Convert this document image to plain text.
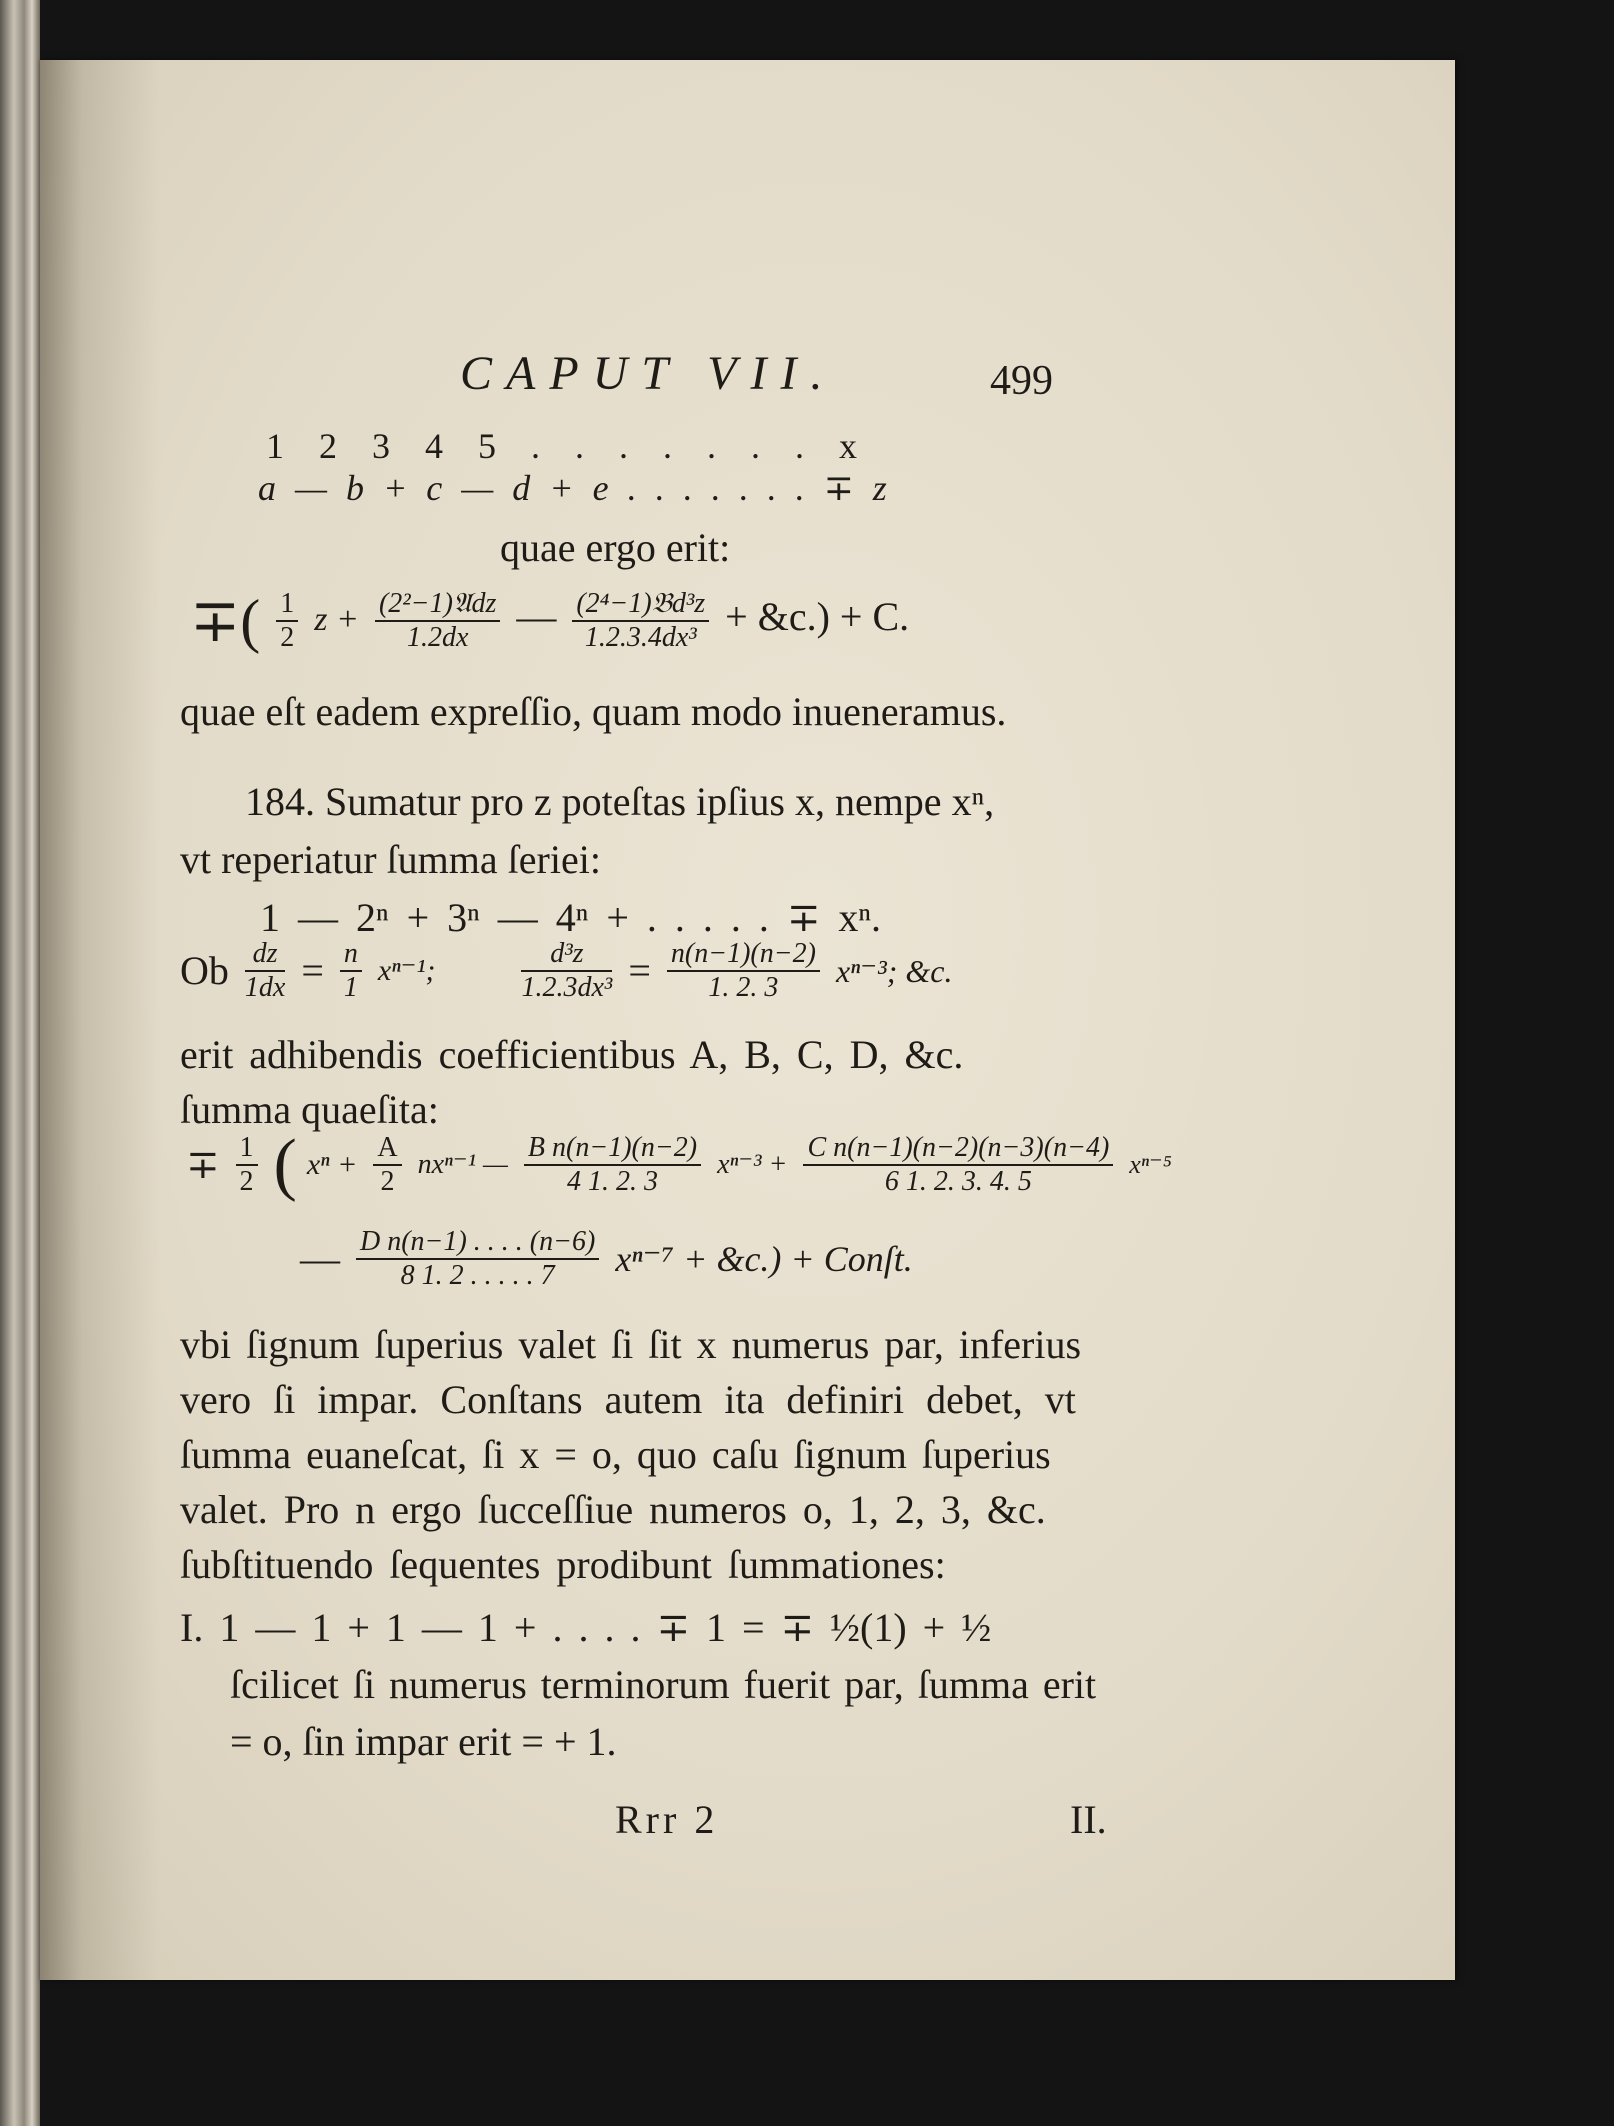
CAPUT VII.	499
1 2 3 4 5 . . . . . . . x
a — b + c — d + e . . . . . . . ∓ z
quae ergo erit:
∓( $\frac{1}{2}$ $z + \frac{\text{(2²−1)𝔄dz}}{1.2dx}$ — $\frac{\text{(2⁴−1)𝔅d³z}}{\text{1.2.3.4dx³}}$ + &c.) + C.
quae eſt eadem expreſſio, quam modo inueneramus.
184. Sumatur pro z poteſtas ipſius x, nempe xⁿ,
vt reperiatur ſumma ſeriei:
1 — 2ⁿ + 3ⁿ — 4ⁿ + . . . . . ∓ xⁿ.
Ob $\frac{dz}{1dx} = \frac{n}{1} x^{n-1}$;	$\frac{\text{d³z}}{\text{1.2.3dx³}} = \frac{n(n-1)(n-2)}{1. 2. 3} x^{n-3}$; &c.
erit adhibendis coefficientibus A, B, C, D, &c.
ſumma quaeſita:
∓ $\frac{1}{2}$ ( $x^n + \frac{A}{2} nx^{n-1}$ — $\frac{\text{B n(n−1)(n−2)}}{4 1. 2. 3} x^{n-3} + \frac{\text{C n(n−1)(n−2)(n−3)(n−4)}}{6 1. 2. 3. 4. 5} x^{n-5}$
— $\frac{\text{D n(n−1) . . . . (n−6)}}{8 1. 2 . . . . . 7} x^{n-7}$ + &c.) + Conſt.
vbi ſignum ſuperius valet ſi ſit x numerus par, inferius
vero ſi impar. Conſtans autem ita definiri debet, vt
ſumma euaneſcat, ſi x = o, quo caſu ſignum ſuperius
valet. Pro n ergo ſucceſſiue numeros o, 1, 2, 3, &c.
ſubſtituendo ſequentes prodibunt ſummationes:
I. 1 — 1 + 1 — 1 + . . . . ∓ 1 = ∓ ½(1) + ½
ſcilicet ſi numerus terminorum fuerit par, ſumma erit
= o, ſin impar erit = + 1.
Rrr 2	II.
